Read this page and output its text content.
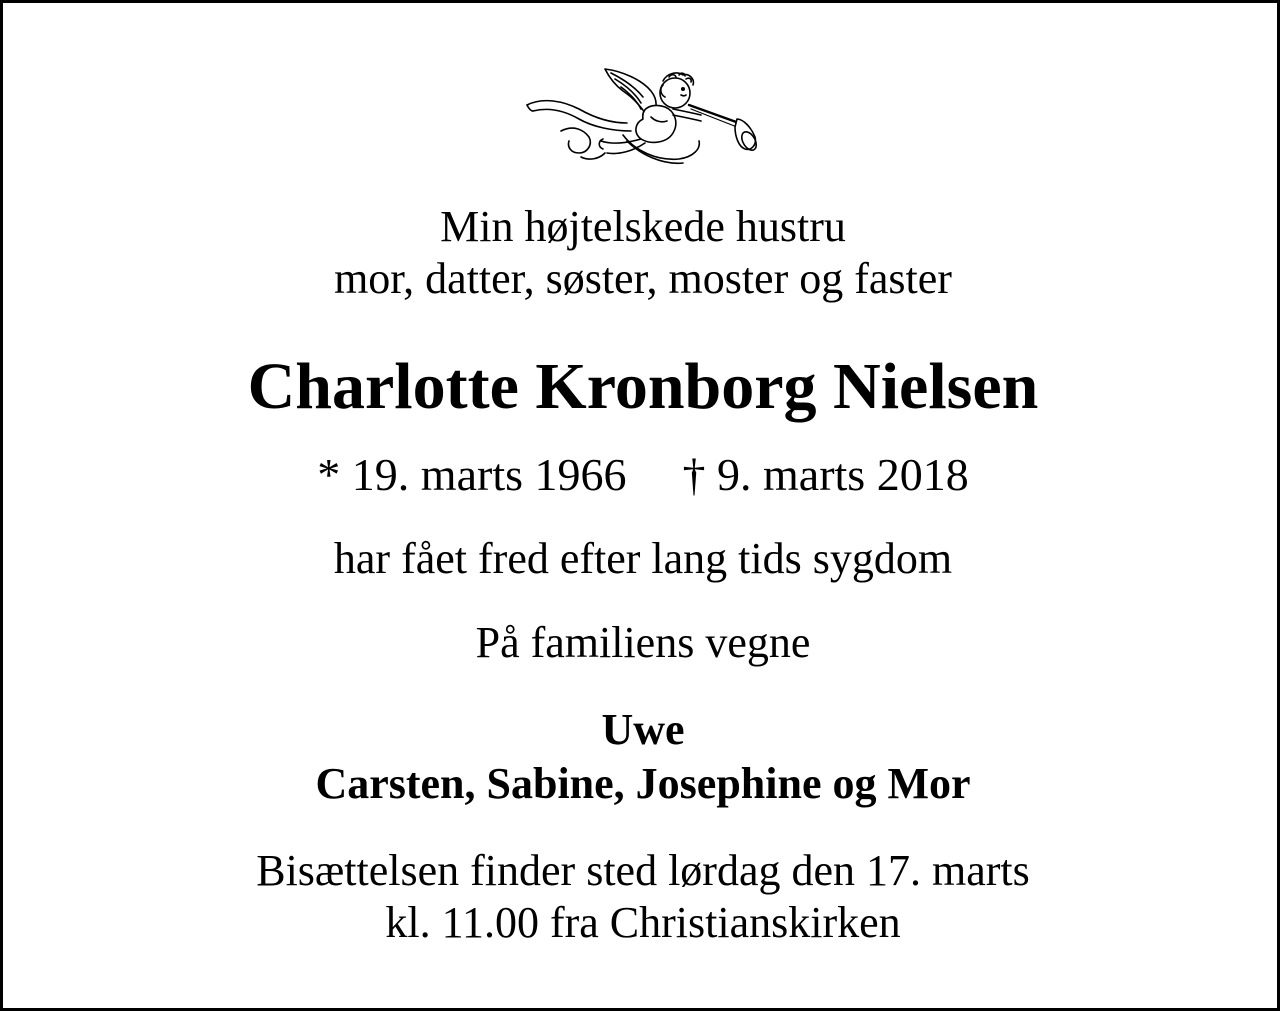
Min højtelskede hustru
mor, datter, søster, moster og faster

Charlotte Kronborg Nielsen

* 19. marts 1966 † 9. marts 2018

har fået fred efter lang tids sygdom

På familiens vegne

Uwe
Carsten, Sabine, Josephine og Mor

Bisættelsen finder sted lørdag den 17. marts
kl. 11.00 fra Christianskirken
